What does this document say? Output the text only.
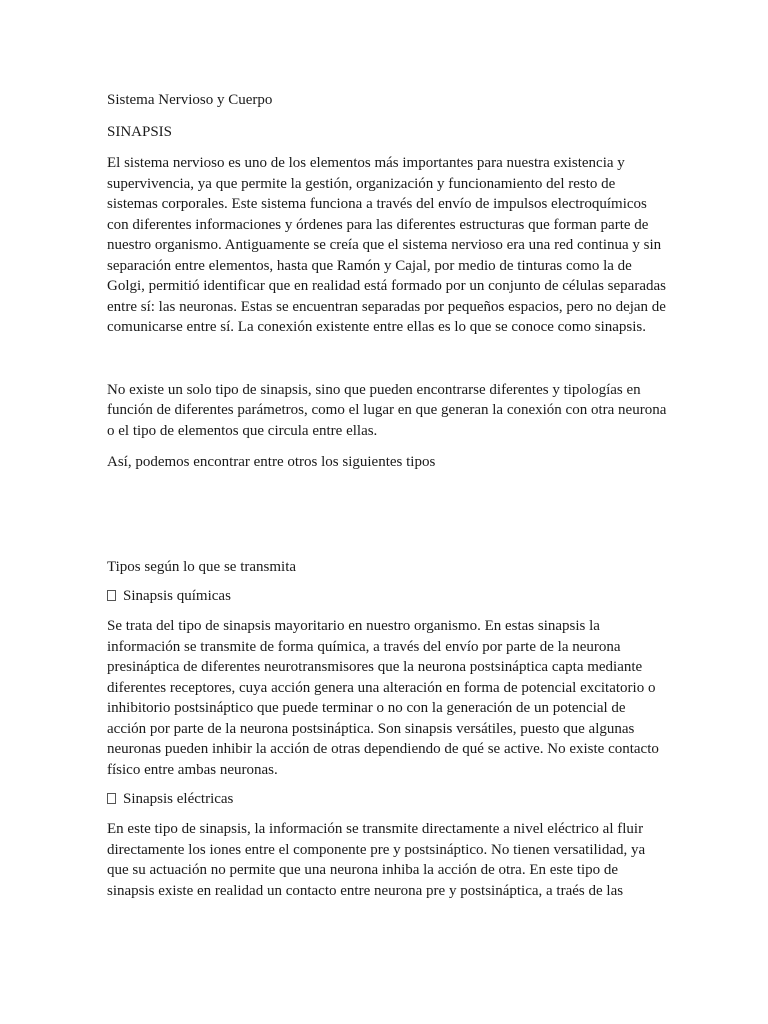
Sistema Nervioso y Cuerpo

SINAPSIS

El sistema nervioso es uno de los elementos más importantes para nuestra existencia y supervivencia, ya que permite la gestión, organización y funcionamiento del resto de sistemas corporales. Este sistema funciona a través del envío de impulsos electroquímicos con diferentes informaciones y órdenes para las diferentes estructuras que forman parte de nuestro organismo. Antiguamente se creía que el sistema nervioso era una red continua y sin separación entre elementos, hasta que Ramón y Cajal, por medio de tinturas como la de Golgi, permitió identificar que en realidad está formado por un conjunto de células separadas entre sí: las neuronas. Estas se encuentran separadas por pequeños espacios, pero no dejan de comunicarse entre sí. La conexión existente entre ellas es lo que se conoce como sinapsis.

No existe un solo tipo de sinapsis, sino que pueden encontrarse diferentes y tipologías en función de diferentes parámetros, como el lugar en que generan la conexión con otra neurona o el tipo de elementos que circula entre ellas.

Así, podemos encontrar entre otros los siguientes tipos

Tipos según lo que se transmita

Sinapsis químicas

Se trata del tipo de sinapsis mayoritario en nuestro organismo. En estas sinapsis la información se transmite de forma química, a través del envío por parte de la neurona presináptica de diferentes neurotransmisores que la neurona postsináptica capta mediante diferentes receptores, cuya acción genera una alteración en forma de potencial excitatorio o inhibitorio postsináptico que puede terminar o no con la generación de un potencial de acción por parte de la neurona postsináptica. Son sinapsis versátiles, puesto que algunas neuronas pueden inhibir la acción de otras dependiendo de qué se active. No existe contacto físico entre ambas neuronas.

Sinapsis eléctricas

En este tipo de sinapsis, la información se transmite directamente a nivel eléctrico al fluir directamente los iones entre el componente pre y postsináptico. No tienen versatilidad, ya que su actuación no permite que una neurona inhiba la acción de otra. En este tipo de sinapsis existe en realidad un contacto entre neurona pre y postsináptica, a traés de las
